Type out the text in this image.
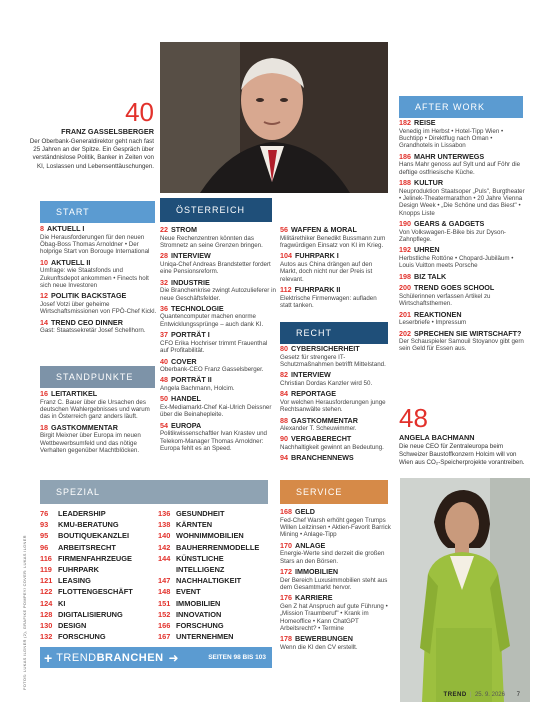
40
FRANZ GASSELSBERGER
Der Oberbank-Generaldirektor geht nach fast 25 Jahren an der Spitze. Ein Gespräch über verständnislose Politik, Banker in Zeiten von KI, Loslassen und Lebensenttäuschungen.
START
8 AKTUELL I
Die Herausforderungen für den neuen Öbag-Boss Thomas Arnoldner • Der holprige Start von Borouge International
10 AKTUELL II
Umfrage: wie Staatsfonds und Zukunftsdepot ankommen • Finects holt sich neue Investoren
12 POLITIK BACKSTAGE
Josef Votzi über geheime Wirtschaftsmissionen von FPÖ-Chef Kickl.
14 TREND CEO DINNER
Gast: Staatssekretär Josef Schellhorn.
STANDPUNKTE
16 LEITARTIKEL
Franz C. Bauer über die Ursachen des deutschen Wahlergebnisses und warum das in Österreich ganz anders läuft.
18 GASTKOMMENTAR
Birgit Meixner über Europa im neuen Wettbewerbsumfeld und das nötige Verhalten gegenüber Machtblöcken.
ÖSTERREICH
22 STROM
Neue Rechenzentren könnten das Stromnetz an seine Grenzen bringen.
28 INTERVIEW
Uniqa-Chef Andreas Brandstetter fordert eine Pensionsreform.
32 INDUSTRIE
Die Branchenkrise zwingt Autozulieferer in neue Geschäftsfelder.
36 TECHNOLOGIE
Quantencomputer machen enorme Entwicklungssprünge – auch dank KI.
37 PORTRÄT I
CFO Erika Hochriser trimmt Frauenthal auf Profitabilität.
40 COVER
Oberbank-CEO Franz Gasselsberger.
48 PORTRÄT II
Angela Bachmann, Holcim.
50 HANDEL
Ex-Mediamarkt-Chef Kai-Ulrich Deissner über die Beinahepleite.
54 EUROPA
Politikwissenschaftler Ivan Krastev und Telekom-Manager Thomas Arnoldner: Europa fehlt es an Speed.
56 WAFFEN & MORAL
Militärethiker Benedikt Bussmann zum fragwürdigen Einsatz von KI im Krieg.
104 FUHRPARK I
Autos aus China drängen auf den Markt, doch nicht nur der Preis ist relevant.
112 FUHRPARK II
Elektrische Firmenwagen: aufladen statt tanken.
RECHT
80 CYBERSICHERHEIT
Gesetz für strengere IT-Schutzmaßnahmen betrifft Mittelstand.
82 INTERVIEW
Christian Dordas Kanzler wird 50.
84 REPORTAGE
Vor welchen Herausforderungen junge Rechtsanwälte stehen.
88 GASTKOMMENTAR
Alexander T. Scheuwimmer.
90 VERGABERECHT
Nachhaltigkeit gewinnt an Bedeutung.
94 BRANCHENNEWS
AFTER WORK
182 REISE
Venedig im Herbst • Hotel-Tipp Wien • Buchtipp • Direktflug nach Oman • Grandhotels in Lissabon
186 MAHR UNTERWEGS
Hans Mahr genoss auf Sylt und auf Föhr die deftige ostfriesische Küche.
188 KULTUR
Neuproduktion Staatsoper „Puls", Burgtheater • Jelinek-Theatermarathon • 20 Jahre Vienna Design Week • „Die Schöne und das Biest" • Knopps Liste
190 GEARS & GADGETS
Von Volkswagen-E-Bike bis zur Dyson-Zahnpflege.
192 UHREN
Herbstliche Rottöne • Chopard-Jubiläum • Louis Vuitton meets Porsche
198 BIZ TALK
200 TREND GOES SCHOOL
Schülerinnen verfassen Artikel zu Wirtschaftsthemen.
201 REAKTIONEN
Leserbriefe • Impressum
202 SPRECHEN SIE WIRTSCHAFT?
Der Schauspieler Samouil Stoyanov gibt gern sein Geld für Essen aus.
48
ANGELA BACHMANN
Die neue CEO für Zentraleuropa beim Schweizer Baustoffkonzern Holcim will von Wien aus CO₂-Speicherprojekte vorantreiben.
SPEZIAL
76 LEADERSHIP
93 KMU-BERATUNG
95 BOUTIQUEKANZLEI
96 ARBEITSRECHT
116 FIRMENFAHRZEUGE
119 FUHRPARK
121 LEASING
122 FLOTTENGESCHÄFT
124 KI
128 DIGITALISIERUNG
130 DESIGN
132 FORSCHUNG
136 GESUNDHEIT
138 KÄRNTEN
140 WOHNIMMOBILIEN
142 BAUHERRENMODELLE
144 KÜNSTLICHE
INTELLIGENZ
147 NACHHALTIGKEIT
148 EVENT
151 IMMOBILIEN
152 INNOVATION
166 FORSCHUNG
167 UNTERNEHMEN
SERVICE
168 GELD
Fed-Chef Warsh erhöht gegen Trumps Willen Leitzinsen • Aktien-Favorit Barrick Mining • Anlage-Tipp
170 ANLAGE
Energie-Werte sind derzeit die großen Stars an den Börsen.
172 IMMOBILIEN
Der Bereich Luxusimmobilien steht aus dem Gesamtmarkt hervor.
176 KARRIERE
Gen Z hat Anspruch auf gute Führung • „Mission Traumberuf" • Krank im Homeoffice • Kann ChatGPT Arbeitsrecht? • Termine
178 BEWERBUNGEN
Wenn die KI den CV erstellt.
+ TREND BRANCHEN ➜	SEITEN 98 BIS 103
FOTOS: LUKAS ILGNER (2), GRAFIKE POMPEY/ COVER: LUKAS ILGNER
TREND  |  25. 9. 2026 7
